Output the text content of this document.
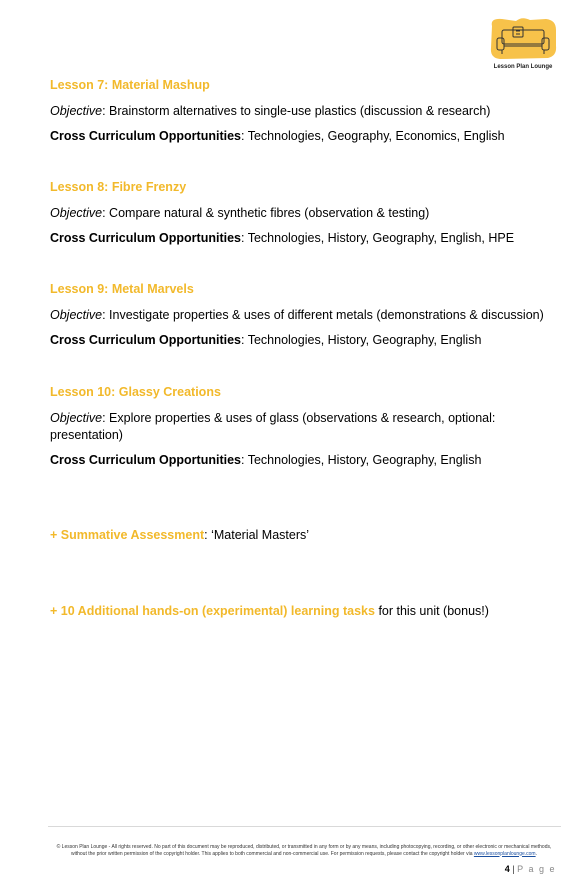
Lesson Plan Lounge
Lesson 7: Material Mashup
Objective: Brainstorm alternatives to single-use plastics (discussion & research)
Cross Curriculum Opportunities: Technologies, Geography, Economics, English
Lesson 8: Fibre Frenzy
Objective: Compare natural & synthetic fibres (observation & testing)
Cross Curriculum Opportunities: Technologies, History, Geography, English, HPE
Lesson 9: Metal Marvels
Objective: Investigate properties & uses of different metals (demonstrations & discussion)
Cross Curriculum Opportunities: Technologies, History, Geography, English
Lesson 10: Glassy Creations
Objective: Explore properties & uses of glass (observations & research, optional: presentation)
Cross Curriculum Opportunities: Technologies, History, Geography, English
+ Summative Assessment: ‘Material Masters’
+ 10 Additional hands-on (experimental) learning tasks for this unit (bonus!)
© Lesson Plan Lounge - All rights reserved. No part of this document may be reproduced, distributed, or transmitted in any form or by any means, including photocopying, recording, or other electronic or mechanical methods, without the prior written permission of the copyright holder. This applies to both commercial and non-commercial use. For permission requests, please contact the copyright holder via www.lessonplanlounge.com.
4 | P a g e
